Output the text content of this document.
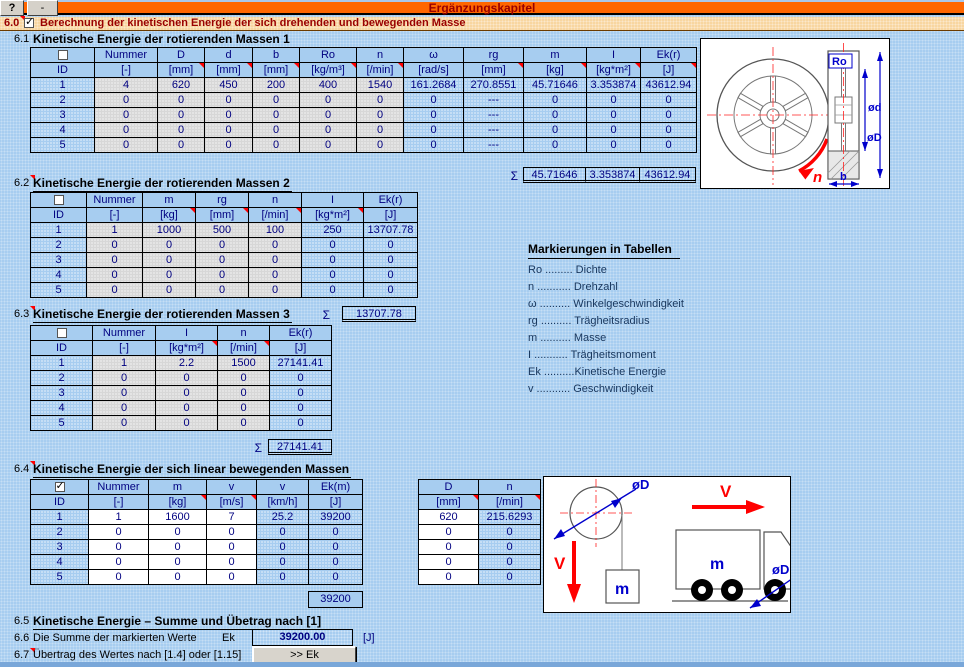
Ergänzungskapitel
?	-
6.0 ✓	Berechnung der kinetischen Energie der sich drehenden und bewegenden Masse
6.1 Kinetische Energie der rotierenden Massen 1
	Nummer	D	d	b	Ro	n	ω	rg	m	I	Ek(r)
ID	[-]	[mm]	[mm]	[mm]	[kg/m³]	[/min]	[rad/s]	[mm]	[kg]	[kg*m²]	[J]
1	4	620	450	200	400	1540	161.2684	270.8551	45.71646	3.353874	43612.94
2	0	0	0	0	0	0	0	---	0	0	0
3	0	0	0	0	0	0	0	---	0	0	0
4	0	0	0	0	0	0	0	---	0	0	0
5	0	0	0	0	0	0	0	---	0	0	0
Σ	45.71646	3.353874 43612.94	n
Ro
ød
øD
b
6.2 Kinetische Energie der rotierenden Massen 2
	Nummer	m	rg	n	I	Ek(r)
ID	[-]	[kg]	[mm]	[/min]	[kg*m²]	[J]
1	1	1000	500	100	250	13707.78
2	0	0	0	0	0	0
3	0	0	0	0	0	0
4	0	0	0	0	0	0
5	0	0	0	0	0	0
6.3 Kinetische Energie der rotierenden Massen 3	Σ	13707.78
	Nummer	I	n	Ek(r)
ID	[-]	[kg*m²]	[/min]	[J]
1	1	2.2	1500	27141.41
2	0	0	0	0
3	0	0	0	0
4	0	0	0	0
5	0	0	0	0
Σ	27141.41
Markierungen in Tabellen
Ro ......... Dichte
n ........... Drehzahl
ω .......... Winkelgeschwindigkeit
rg .......... Trägheitsradius
m .......... Masse
I ........... Trägheitsmoment
Ek ..........Kinetische Energie
v ........... Geschwindigkeit
6.4 Kinetische Energie der sich linear bewegenden Massen
✓	Nummer	m	v	v	Ek(m)
ID	[-]	[kg]	[m/s]	[km/h]	[J]
1	1	1600	7	25.2	39200
2	0	0	0	0	0
3	0	0	0	0	0
4	0	0	0	0	0
5	0	0	0	0	0
39200
D	n
[mm]	[/min]
620	215.6293
0	0
0	0
0	0
0	0
øD
m
V
V
m	øD
6.5 Kinetische Energie – Summe und Übetrag nach [1]
6.6 Die Summe der markierten Werte Ek	39200.00	[J]
6.7 Übertrag des Wertes nach [1.4] oder [1.15]	>> Ek
